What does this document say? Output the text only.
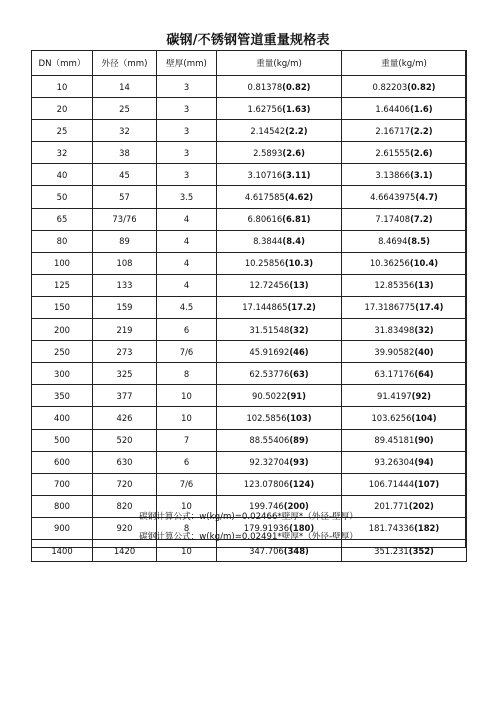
碳钢/不锈钢管道重量规格表
DN（mm）	外径（mm)	壁厚(mm)	重量(kg/m)	重量(kg/m)
10	14	3	0.81378(0.82)	0.82203(0.82)
20	25	3	1.62756(1.63)	1.64406(1.6)
25	32	3	2.14542(2.2)	2.16717(2.2)
32	38	3	2.5893(2.6)	2.61555(2.6)
40	45	3	3.10716(3.11)	3.13866(3.1)
50	57	3.5	4.617585(4.62)	4.6643975(4.7)
65	73/76	4	6.80616(6.81)	7.17408(7.2)
80	89	4	8.3844(8.4)	8.4694(8.5)
100	108	4	10.25856(10.3)	10.36256(10.4)
125	133	4	12.72456(13)	12.85356(13)
150	159	4.5	17.144865(17.2)	17.3186775(17.4)
200	219	6	31.51548(32)	31.83498(32)
250	273	7/6	45.91692(46)	39.90582(40)
300	325	8	62.53776(63)	63.17176(64)
350	377	10	90.5022(91)	91.4197(92)
400	426	10	102.5856(103)	103.6256(104)
500	520	7	88.55406(89)	89.45181(90)
600	630	6	92.32704(93)	93.26304(94)
700	720	7/6	123.07806(124)	106.71444(107)
800	820	10	199.746(200)	201.771(202)
900	920	8	179.91936(180)	181.74336(182)
1400	1420	10	347.706(348)	351.231(352)
碳钢计算公式：w(kg/m)=0.02466*壁厚*（外径-壁厚）
碳钢计算公式：w(kg/m)=0.02491*壁厚*（外径-壁厚）
